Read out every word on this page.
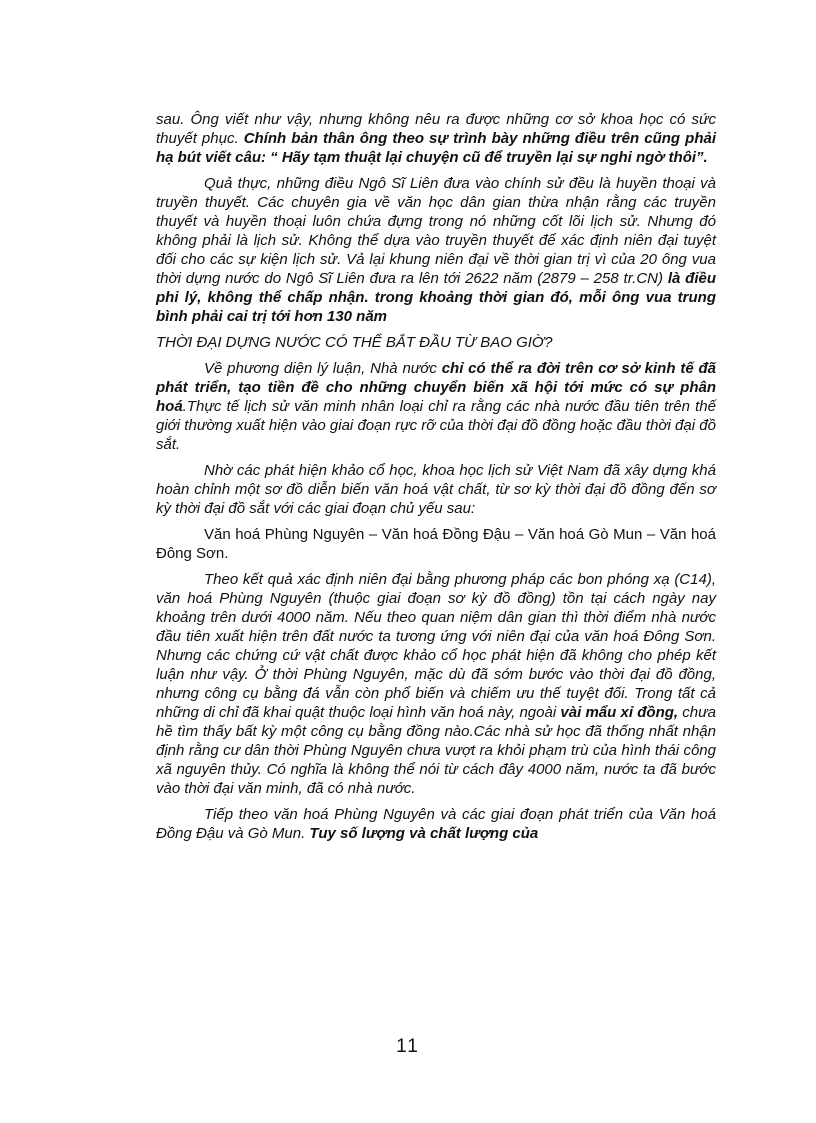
sau. Ông viết như vậy, nhưng không nêu ra được những cơ sở khoa học có sức thuyết phục. Chính bản thân ông theo sự trình bày những điều trên cũng phải hạ bút viết câu: “ Hãy tạm thuật lại chuyện cũ để truyền lại sự nghi ngờ thôi”.

Quả thực, những điều Ngô Sĩ Liên đưa vào chính sử đều là huyền thoại và truyền thuyết. Các chuyên gia về văn học dân gian thừa nhận rằng các truyền thuyết và huyền thoại luôn chứa đựng trong nó những cốt lõi lịch sử. Nhưng đó không phải là lịch sử. Không thể dựa vào truyền thuyết để xác định niên đại tuyệt đối cho các sự kiện lịch sử. Vả lại khung niên đại về thời gian trị vì của 20 ông vua thời dựng nước do Ngô Sĩ Liên đưa ra lên tới 2622 năm (2879 – 258 tr.CN) là điều phi lý, không thể chấp nhận. trong khoảng thời gian đó, mỗi ông vua trung bình phải cai trị tới hơn 130 năm

THỜI ĐẠI DỰNG NƯỚC CÓ THỂ BẮT ĐẦU TỪ BAO GIỜ?

Về phương diện lý luận, Nhà nước chỉ có thể ra đời trên cơ sở kinh tế đã phát triển, tạo tiền đề cho những chuyển biến xã hội tới mức có sự phân hoá.Thực tế lịch sử văn minh nhân loại chỉ ra rằng các nhà nước đầu tiên trên thế giới thường xuất hiện vào giai đoạn rực rỡ của thời đại đồ đồng hoặc đầu thời đại đồ sắt.

Nhờ các phát hiện khảo cổ học, khoa học lịch sử Việt Nam đã xây dựng khá hoàn chỉnh một sơ đồ diễn biến văn hoá vật chất, từ sơ kỳ thời đại đồ đồng đến sơ kỳ thời đại đồ sắt với các giai đoạn chủ yếu sau:

Văn hoá Phùng Nguyên – Văn hoá Đồng Đậu – Văn hoá Gò Mun – Văn hoá Đông Sơn.

Theo kết quả xác định niên đại bằng phương pháp các bon phóng xạ (C14), văn hoá Phùng Nguyên (thuộc giai đoạn sơ kỳ đồ đồng) tồn tại cách ngày nay khoảng trên dưới 4000 năm. Nếu theo quan niệm dân gian thì thời điểm nhà nước đầu tiên xuất hiện trên đất nước ta tương ứng với niên đại của văn hoá Đông Sơn. Nhưng các chứng cứ vật chất được khảo cổ học phát hiện đã không cho phép kết luận như vậy. Ở thời Phùng Nguyên, mặc dù đã sớm bước vào thời đại đồ đồng, nhưng công cụ bằng đá vẫn còn phổ biến và chiếm ưu thế tuyệt đối. Trong tất cả những di chỉ đã khai quật thuộc loại hình văn hoá này, ngoài vài mẩu xỉ đồng, chưa hề tìm thấy bất kỳ một công cụ bằng đồng nào.Các nhà sử học đã thống nhất nhận định rằng cư dân thời Phùng Nguyên chưa vượt ra khỏi phạm trù của hình thái công xã nguyên thủy. Có nghĩa là không thể nói từ cách đây 4000 năm, nước ta đã bước vào thời đại văn minh, đã có nhà nước.

Tiếp theo văn hoá Phùng Nguyên và các giai đoạn phát triển của Văn hoá Đồng Đậu và Gò Mun. Tuy số lượng và chất lượng của

11
